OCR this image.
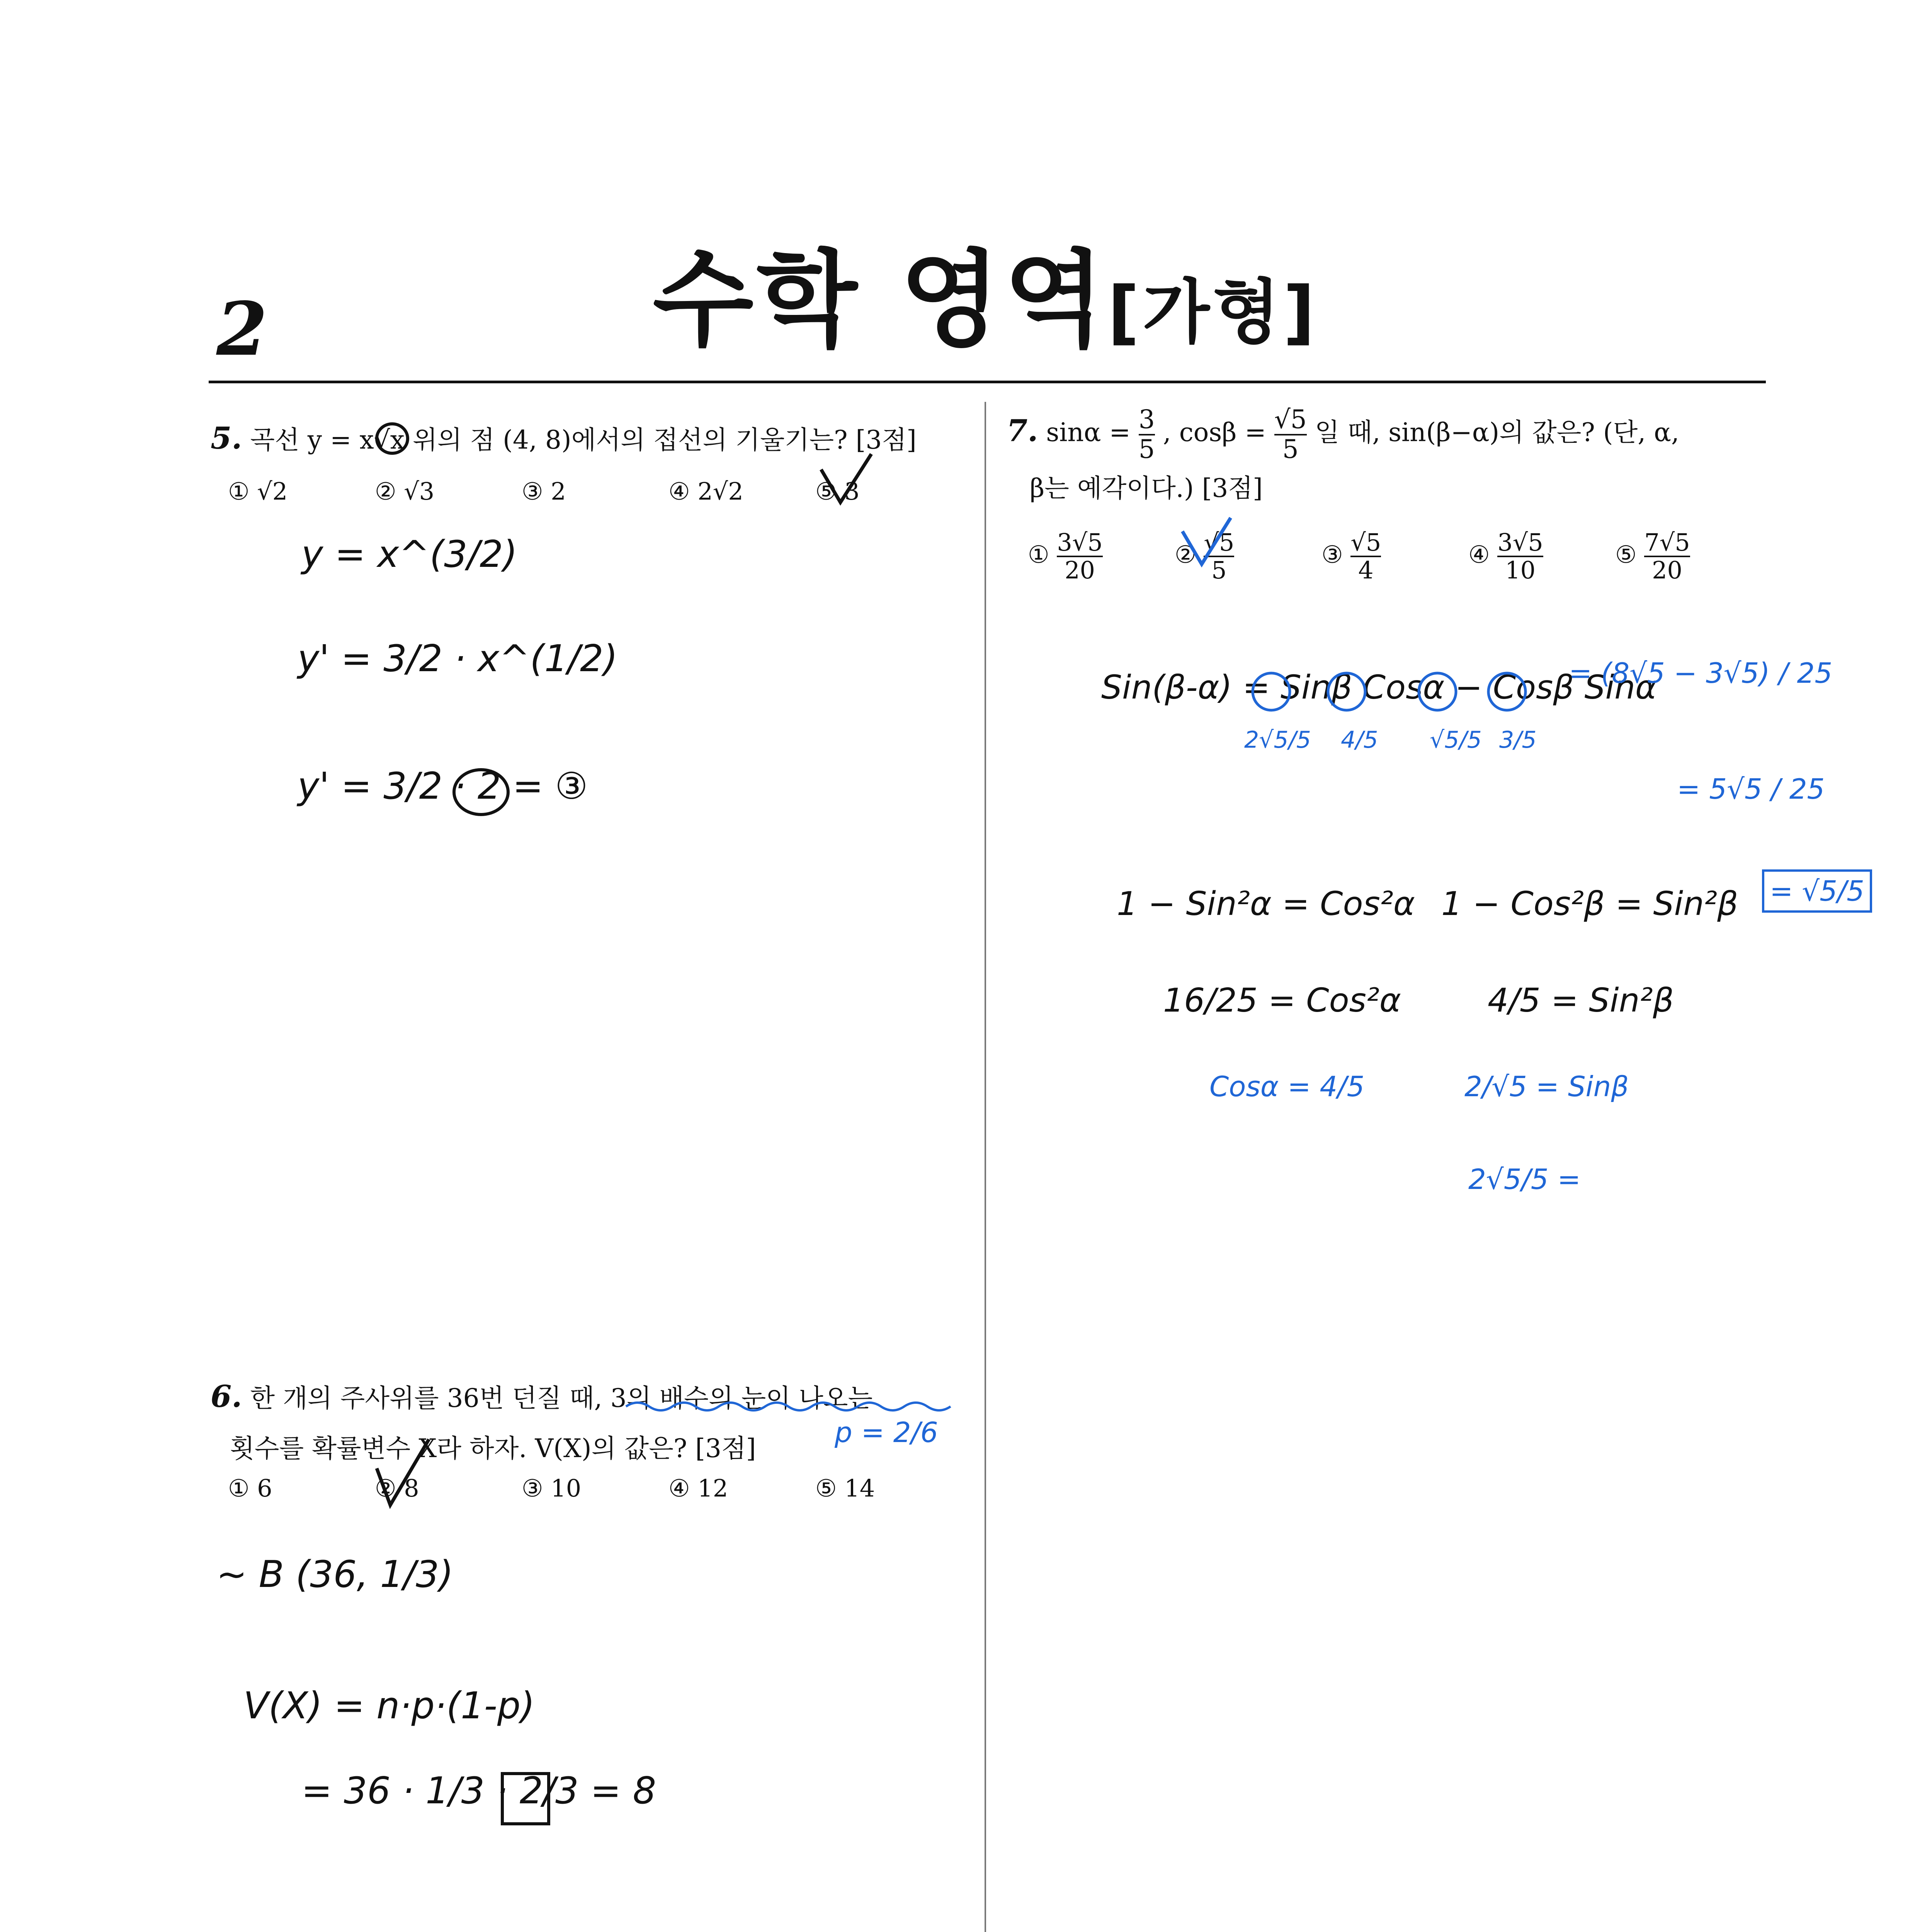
수학 영역[가형]
2
5. 곡선 y = x√x 위의 점 (4, 8)에서의 접선의 기울기는? [3점]
① √2	② √3	③ 2	④ 2√2	⑤ 3
y = x^(3/2)
y' = 3/2 · x^(1/2)
y' = 3/2 · 2 = ③
6. 한 개의 주사위를 36번 던질 때, 3의 배수의 눈이 나오는
횟수를 확률변수 X라 하자. V(X)의 값은? [3점]	p = 2/6
① 6	② 8	③ 10	④ 12	⑤ 14
~ B (36, 1/3)
V(X) = n·p·(1-p)
= 36 · 1/3 · 2/3 = 8
7. $\sin\alpha = \frac{3}{5}$ , $\cos\beta = \frac{√5}{5}$ 일 때, sin(β−α)의 값은? (단, α,
β는 예각이다.) [3점]
① $\frac{3√5}{20}$	② $\frac{√5}{5}$	③ $\frac{√5}{4}$	④ $\frac{3√5}{10}$	⑤ $\frac{7√5}{20}$
Sin(β-α) = Sinβ Cosα − Cosβ Sinα
2√5/5 4/5 √5/5 3/5
= (8√5 − 3√5) / 25
= 5√5 / 25
= √5/5
1 − Sin²α = Cos²α
16/25 = Cos²α
Cosα = 4/5
1 − Cos²β = Sin²β
4/5 = Sin²β
2/√5 = Sinβ
2√5/5 =
